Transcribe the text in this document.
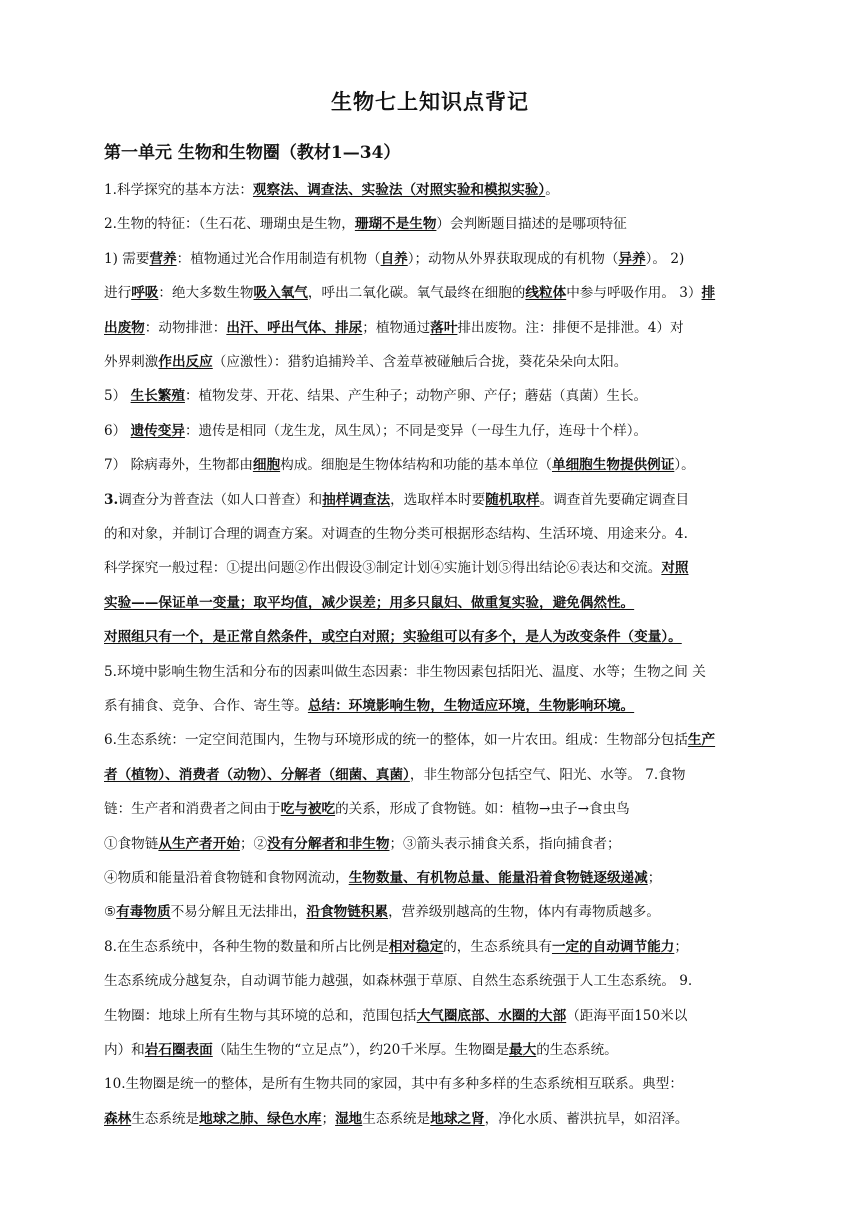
生物七上知识点背记
第一单元 生物和生物圈（教材1—34）
1.科学探究的基本方法：观察法、调查法、实验法（对照实验和模拟实验）。
2.生物的特征：（生石花、珊瑚虫是生物，珊瑚不是生物）会判断题目描述的是哪项特征
1) 需要营养：植物通过光合作用制造有机物（自养）；动物从外界获取现成的有机物（异养）。 2)
进行呼吸：绝大多数生物吸入氧气，呼出二氧化碳。氧气最终在细胞的线粒体中参与呼吸作用。 3）排
出废物：动物排泄：出汗、呼出气体、排尿；植物通过落叶排出废物。注：排便不是排泄。4）对
外界刺激作出反应（应激性）：猎豹追捕羚羊、含羞草被碰触后合拢，葵花朵朵向太阳。
5） 生长繁殖：植物发芽、开花、结果、产生种子；动物产卵、产仔；蘑菇（真菌）生长。
6） 遗传变异：遗传是相同（龙生龙，凤生凤）；不同是变异（一母生九仔，连母十个样）。
7） 除病毒外，生物都由细胞构成。细胞是生物体结构和功能的基本单位（单细胞生物提供例证）。
3.调查分为普查法（如人口普查）和抽样调查法，选取样本时要随机取样。调查首先要确定调查目
的和对象，并制订合理的调查方案。对调查的生物分类可根据形态结构、生活环境、用途来分。4.
科学探究一般过程：①提出问题②作出假设③制定计划④实施计划⑤得出结论⑥表达和交流。对照
实验——保证单一变量；取平均值，减少误差；用多只鼠妇、做重复实验，避免偶然性。
对照组只有一个，是正常自然条件，或空白对照；实验组可以有多个，是人为改变条件（变量）。
5.环境中影响生物生活和分布的因素叫做生态因素：非生物因素包括阳光、温度、水等；生物之间 关
系有捕食、竞争、合作、寄生等。总结：环境影响生物，生物适应环境，生物影响环境。
6.生态系统：一定空间范围内，生物与环境形成的统一的整体，如一片农田。组成：生物部分包括生产
者（植物）、消费者（动物）、分解者（细菌、真菌），非生物部分包括空气、阳光、水等。 7.食物
链：生产者和消费者之间由于吃与被吃的关系，形成了食物链。如：植物→虫子→食虫鸟
①食物链从生产者开始；②没有分解者和非生物；③箭头表示捕食关系，指向捕食者；
④物质和能量沿着食物链和食物网流动，生物数量、有机物总量、能量沿着食物链逐级递减；
⑤有毒物质不易分解且无法排出，沿食物链积累，营养级别越高的生物，体内有毒物质越多。
8.在生态系统中，各种生物的数量和所占比例是相对稳定的，生态系统具有一定的自动调节能力；
生态系统成分越复杂，自动调节能力越强，如森林强于草原、自然生态系统强于人工生态系统。 9.
生物圈：地球上所有生物与其环境的总和，范围包括大气圈底部、水圈的大部（距海平面150米以
内）和岩石圈表面（陆生生物的“立足点”），约20千米厚。生物圈是最大的生态系统。
10.生物圈是统一的整体，是所有生物共同的家园，其中有多种多样的生态系统相互联系。典型：
森林生态系统是地球之肺、绿色水库；湿地生态系统是地球之肾，净化水质、蓄洪抗旱，如沼泽。
